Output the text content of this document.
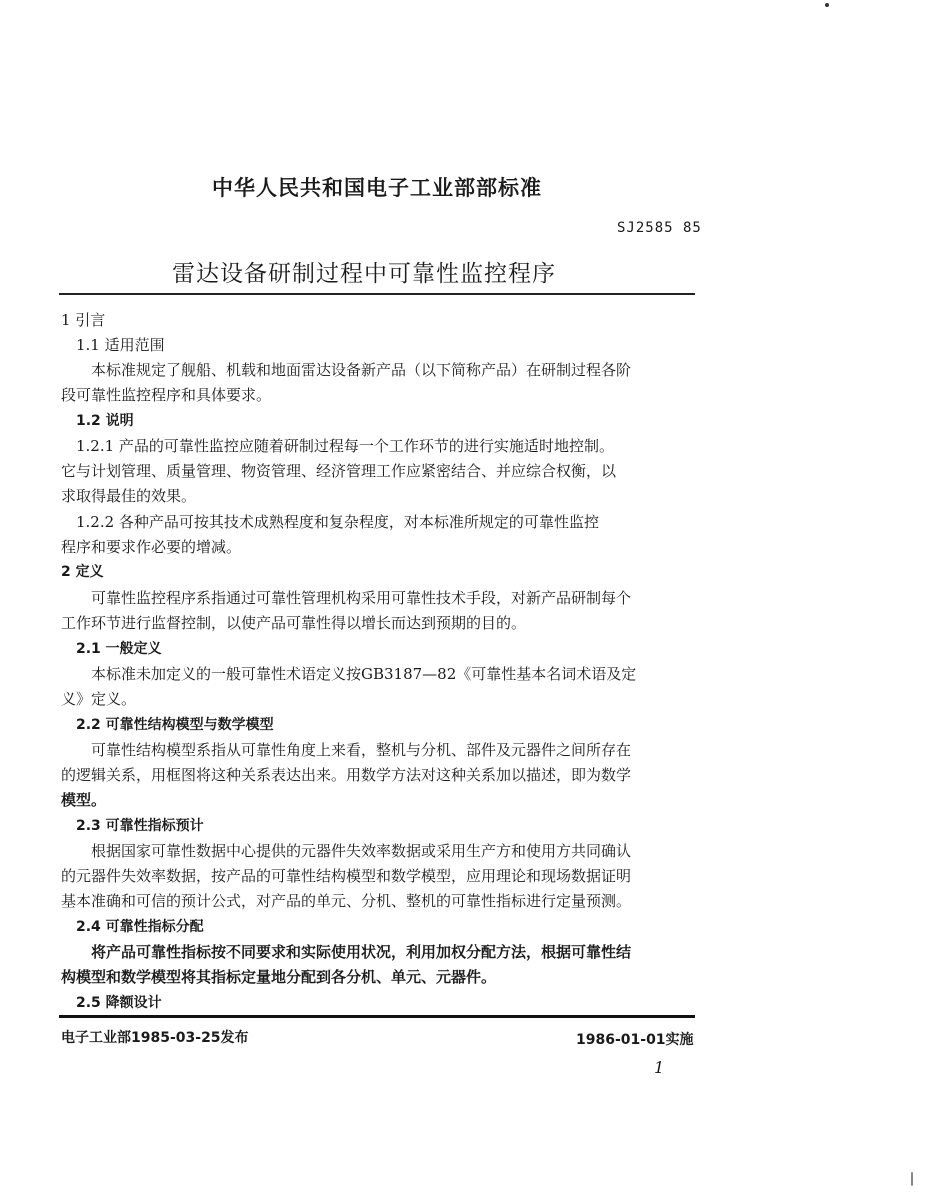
中华人民共和国电子工业部部标准
SJ2585 85
雷达设备研制过程中可靠性监控程序
1 引言
1.1 适用范围
本标准规定了舰船、机载和地面雷达设备新产品（以下简称产品）在研制过程各阶
段可靠性监控程序和具体要求。
1.2 说明
1.2.1 产品的可靠性监控应随着研制过程每一个工作环节的进行实施适时地控制。
它与计划管理、质量管理、物资管理、经济管理工作应紧密结合、并应综合权衡，以
求取得最佳的效果。
1.2.2 各种产品可按其技术成熟程度和复杂程度，对本标准所规定的可靠性监控
程序和要求作必要的增减。
2 定义
可靠性监控程序系指通过可靠性管理机构采用可靠性技术手段，对新产品研制每个
工作环节进行监督控制，以使产品可靠性得以增长而达到预期的目的。
2.1 一般定义
本标准未加定义的一般可靠性术语定义按GB3187—82《可靠性基本名词术语及定
义》定义。
2.2 可靠性结构模型与数学模型
可靠性结构模型系指从可靠性角度上来看，整机与分机、部件及元器件之间所存在
的逻辑关系，用框图将这种关系表达出来。用数学方法对这种关系加以描述，即为数学
模型。
2.3 可靠性指标预计
根据国家可靠性数据中心提供的元器件失效率数据或采用生产方和使用方共同确认
的元器件失效率数据，按产品的可靠性结构模型和数学模型，应用理论和现场数据证明
基本准确和可信的预计公式，对产品的单元、分机、整机的可靠性指标进行定量预测。
2.4 可靠性指标分配
将产品可靠性指标按不同要求和实际使用状况，利用加权分配方法，根据可靠性结
构模型和数学模型将其指标定量地分配到各分机、单元、元器件。
2.5 降额设计
电子工业部1985-03-25发布	1986-01-01实施
1
